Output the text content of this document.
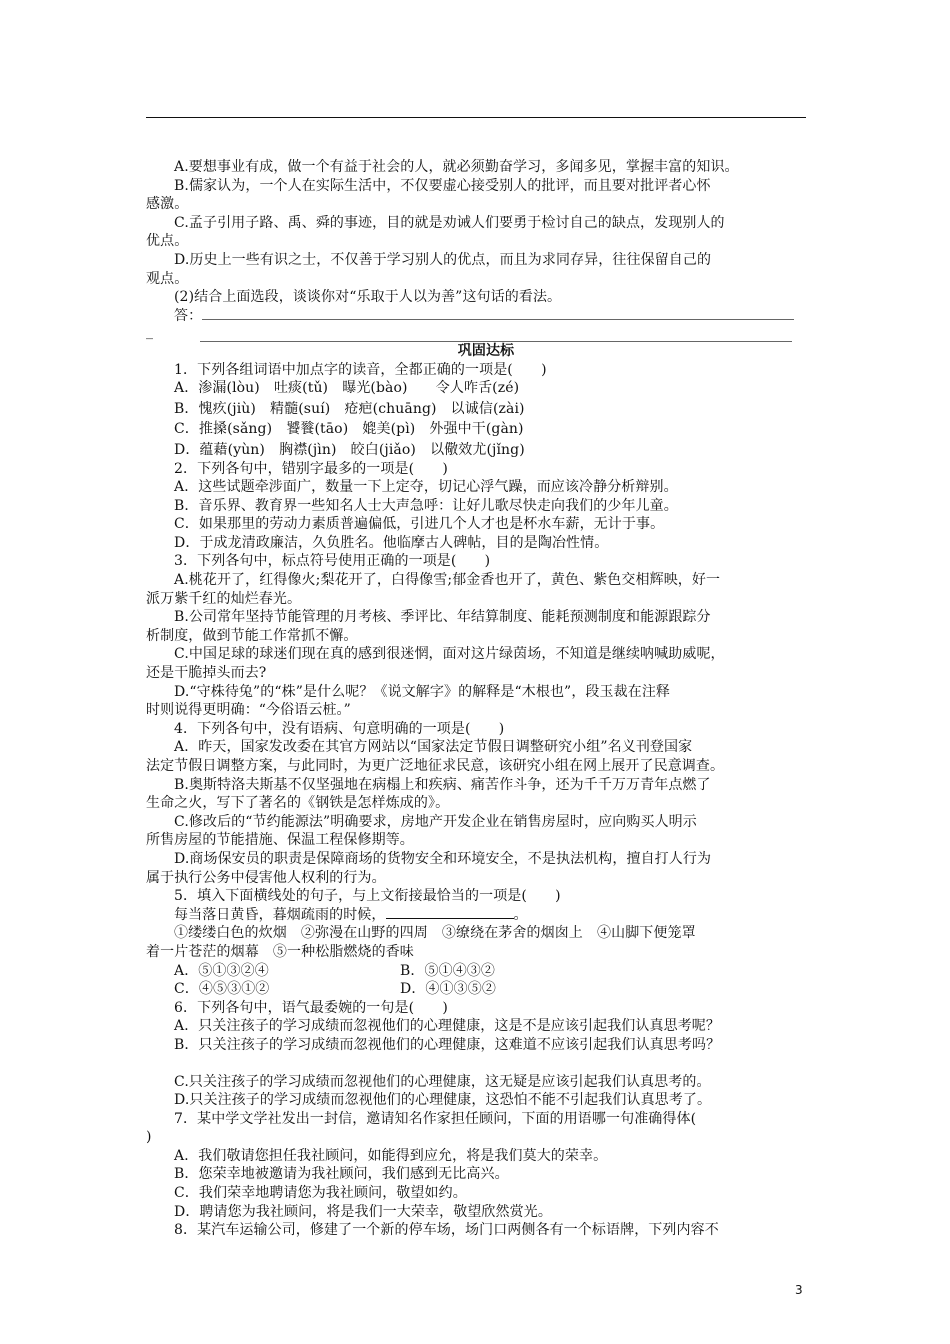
A.要想事业有成，做一个有益于社会的人，就必须勤奋学习，多闻多见，掌握丰富的知识。
B.儒家认为，一个人在实际生活中，不仅要虚心接受别人的批评，而且要对批评者心怀
感激。
C.孟子引用子路、禹、舜的事迹，目的就是劝诫人们要勇于检讨自己的缺点，发现别人的
优点。
D.历史上一些有识之士，不仅善于学习别人的优点，而且为求同存异，往往保留自己的
观点。
(2)结合上面选段，谈谈你对“乐取于人以为善”这句话的看法。
答：
_
巩固达标
1．下列各组词语中加点字的读音，全都正确的一项是(　　)
A．渗漏(lòu)　吐痰(tǔ)　曝光(bào)　　令人咋舌(zé)
B．愧疚(jiù)　精髓(suí)　疮疤(chuāng)　以诚信(zài)
C．推搡(sǎng)　饕餮(tāo)　媲美(pì)　外强中干(gàn)
D．蕴藉(yùn)　胸襟(jìn)　皎白(jiǎo)　以儆效尤(jǐng)
2．下列各句中，错别字最多的一项是(　　)
A．这些试题牵涉面广，数量一下上定夺，切记心浮气躁，而应该冷静分析辩别。
B．音乐界、教育界一些知名人士大声急呼：让好儿歌尽快走向我们的少年儿童。
C．如果那里的劳动力素质普遍偏低，引进几个人才也是杯水车薪，无计于事。
D．于成龙清政廉洁，久负胜名。他临摩古人碑帖，目的是陶冶性情。
3．下列各句中，标点符号使用正确的一项是(　　)
A.桃花开了，红得像火;梨花开了，白得像雪;郁金香也开了，黄色、紫色交相辉映，好一
派万紫千红的灿烂春光。
B.公司常年坚持节能管理的月考核、季评比、年结算制度、能耗预测制度和能源跟踪分
析制度，做到节能工作常抓不懈。
C.中国足球的球迷们现在真的感到很迷惘，面对这片绿茵场，不知道是继续呐喊助威呢，
还是干脆掉头而去?
D.“守株待兔”的“株”是什么呢？《说文解字》的解释是“木根也”，段玉裁在注释
时则说得更明确：“今俗语云桩。”
4．下列各句中，没有语病、句意明确的一项是(　　)
A．昨天，国家发改委在其官方网站以“国家法定节假日调整研究小组”名义刊登国家
法定节假日调整方案，与此同时，为更广泛地征求民意，该研究小组在网上展开了民意调查。
B.奥斯特洛夫斯基不仅坚强地在病榻上和疾病、痛苦作斗争，还为千千万万青年点燃了
生命之火，写下了著名的《钢铁是怎样炼成的》。
C.修改后的“节约能源法”明确要求，房地产开发企业在销售房屋时，应向购买人明示
所售房屋的节能措施、保温工程保修期等。
D.商场保安员的职责是保障商场的货物安全和环境安全，不是执法机构，擅自打人行为
属于执行公务中侵害他人权利的行为。
5．填入下面横线处的句子，与上文衔接最恰当的一项是(　　)
每当落日黄昏，暮烟疏雨的时候，	。
①缕缕白色的炊烟　②弥漫在山野的四周　③缭绕在茅舍的烟囱上　④山脚下便笼罩
着一片苍茫的烟幕　⑤一种松脂燃烧的香味
A．⑤①③②④	B．⑤①④③②
C．④⑤③①②	D．④①③⑤②
6．下列各句中，语气最委婉的一句是(　　)
A．只关注孩子的学习成绩而忽视他们的心理健康，这是不是应该引起我们认真思考呢？
B．只关注孩子的学习成绩而忽视他们的心理健康，这难道不应该引起我们认真思考吗？
C.只关注孩子的学习成绩而忽视他们的心理健康，这无疑是应该引起我们认真思考的。
D.只关注孩子的学习成绩而忽视他们的心理健康，这恐怕不能不引起我们认真思考了。
7．某中学文学社发出一封信，邀请知名作家担任顾问，下面的用语哪一句准确得体(
)
A．我们敬请您担任我社顾问，如能得到应允，将是我们莫大的荣幸。
B．您荣幸地被邀请为我社顾问，我们感到无比高兴。
C．我们荣幸地聘请您为我社顾问，敬望如约。
D．聘请您为我社顾问，将是我们一大荣幸，敬望欣然赏光。
8．某汽车运输公司，修建了一个新的停车场，场门口两侧各有一个标语牌，下列内容不
3
